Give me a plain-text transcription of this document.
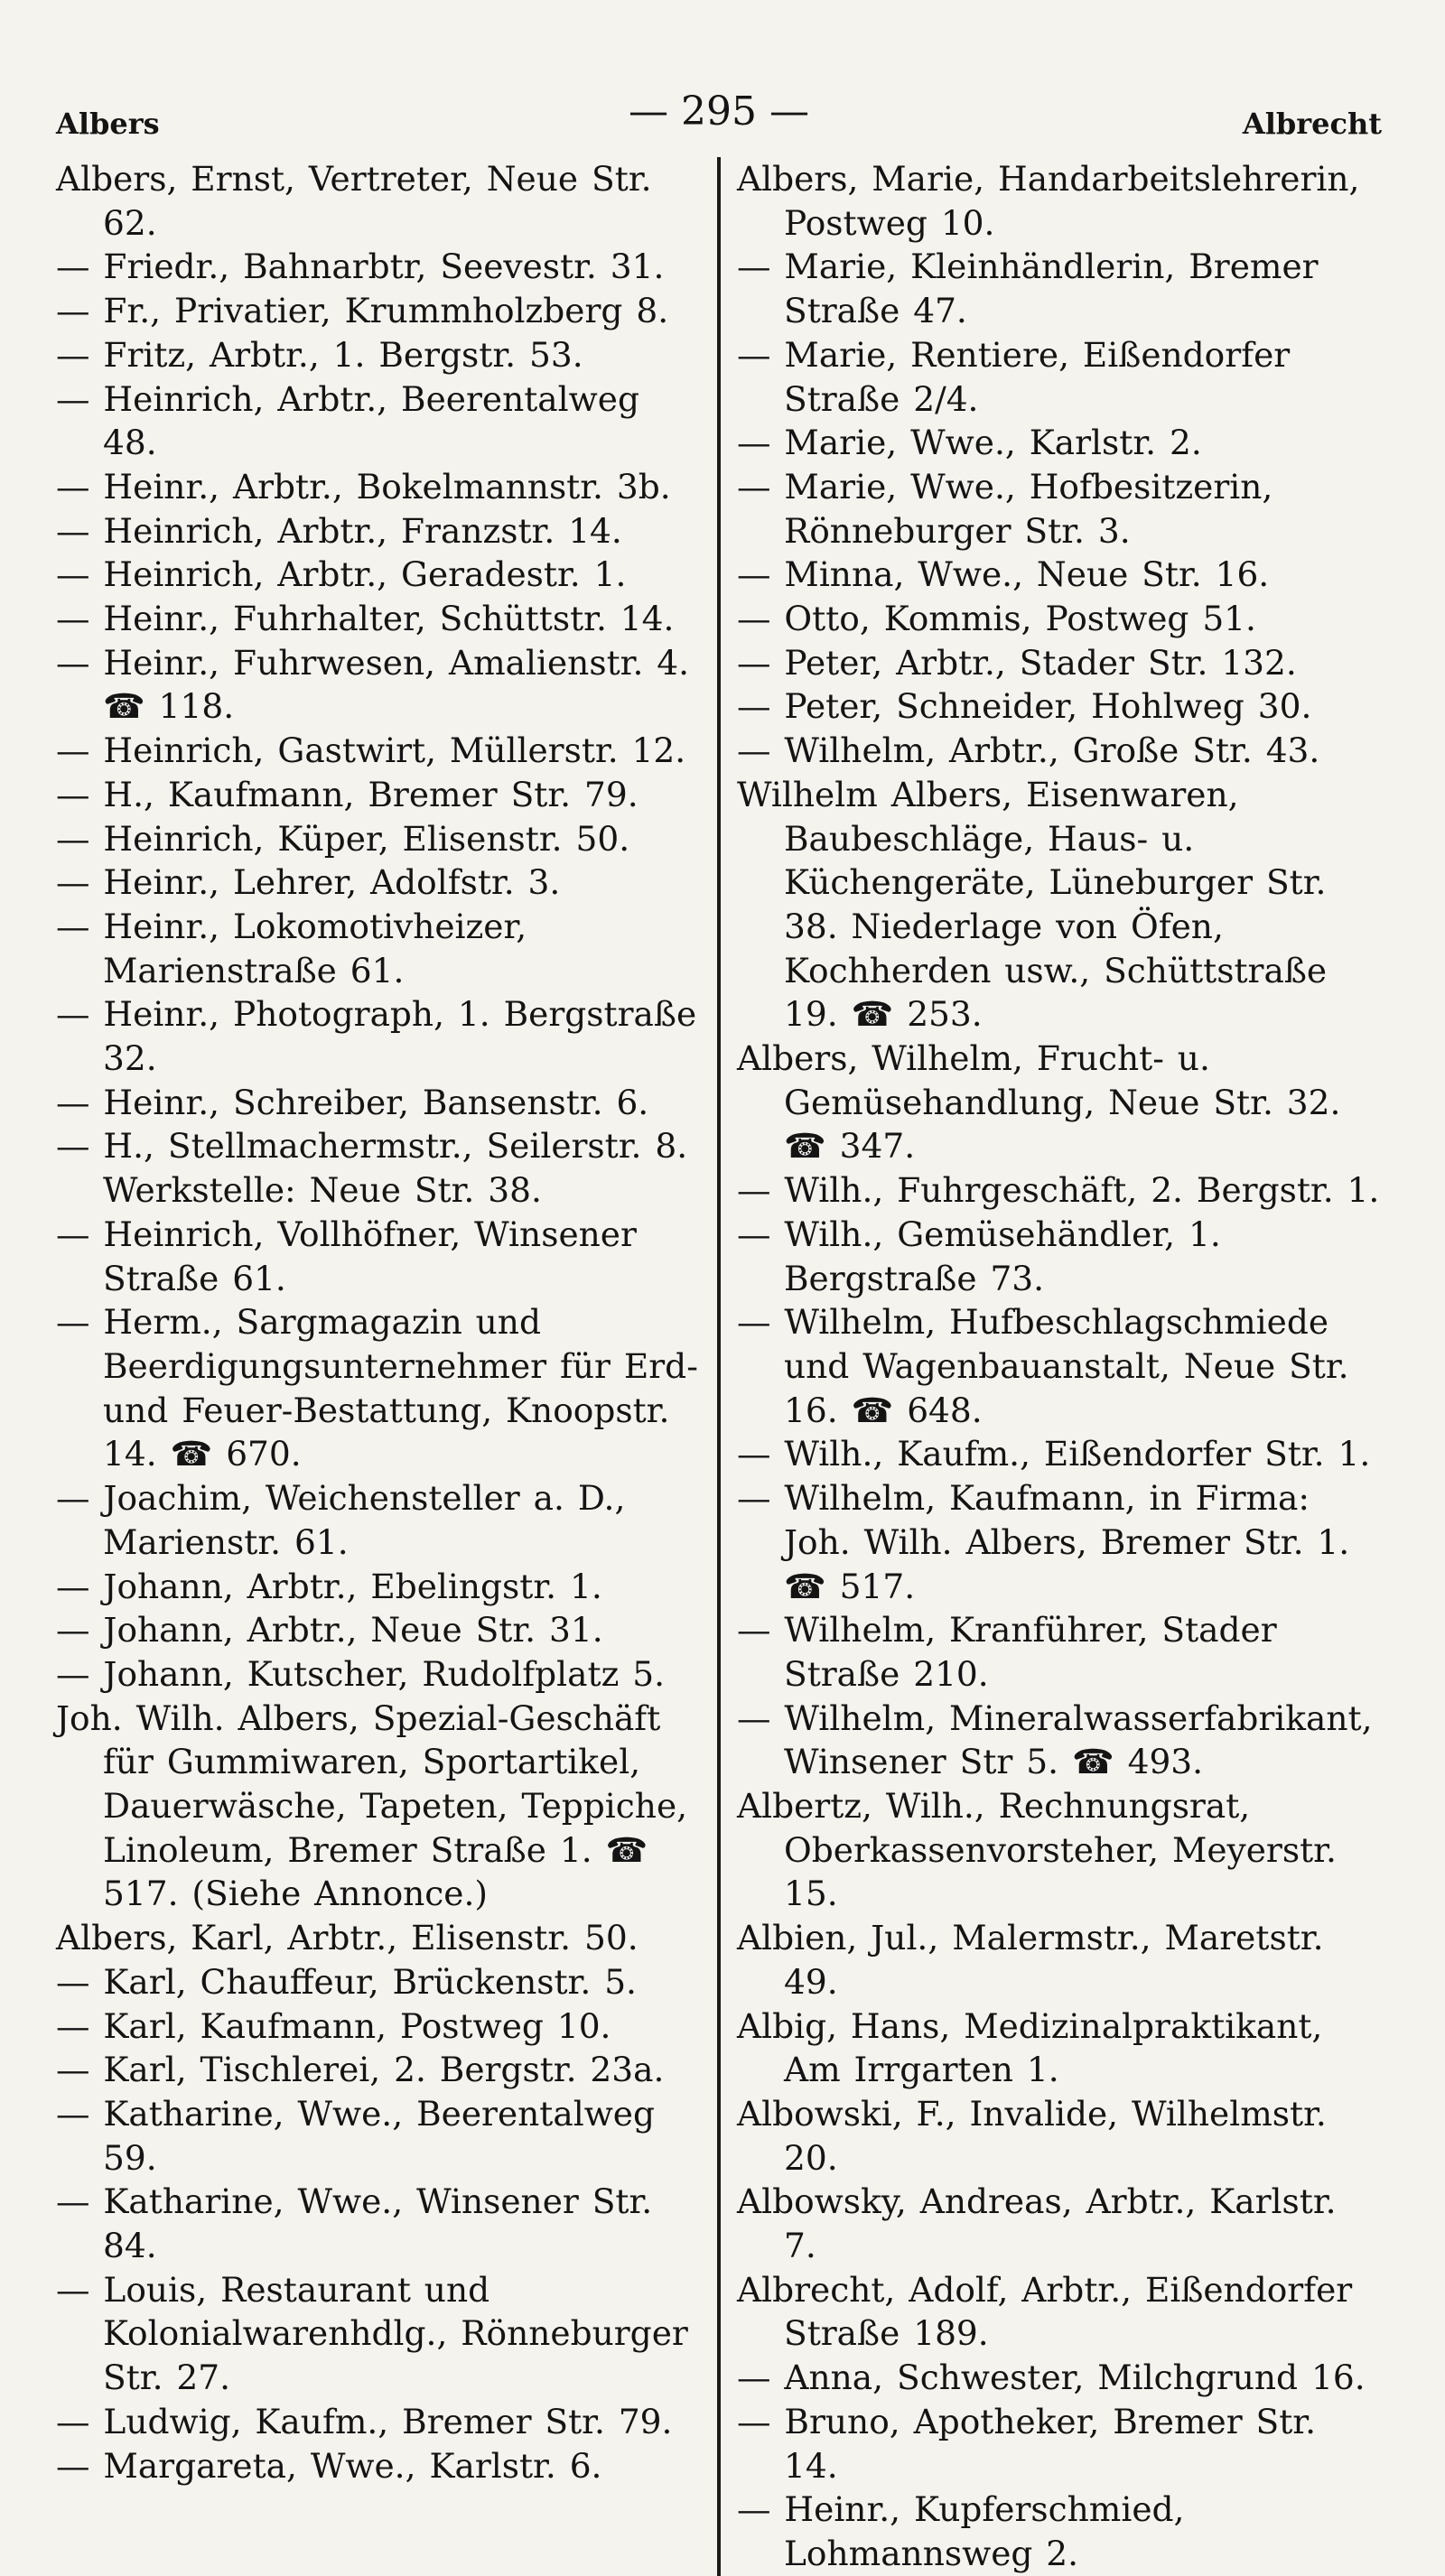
Albers	— 295 —	Albrecht
Albers, Ernst, Vertreter, Neue Str. 62.
— Friedr., Bahnarbtr, Seevestr. 31.
— Fr., Privatier, Krummholzberg 8.
— Fritz, Arbtr., 1. Bergstr. 53.
— Heinrich, Arbtr., Beerentalweg 48.
— Heinr., Arbtr., Bokelmannstr. 3b.
— Heinrich, Arbtr., Franzstr. 14.
— Heinrich, Arbtr., Geradestr. 1.
— Heinr., Fuhrhalter, Schüttstr. 14.
— Heinr., Fuhrwesen, Amalienstr. 4. ☎ 118.
— Heinrich, Gastwirt, Müllerstr. 12.
— H., Kaufmann, Bremer Str. 79.
— Heinrich, Küper, Elisenstr. 50.
— Heinr., Lehrer, Adolfstr. 3.
— Heinr., Lokomotivheizer, Marienstraße 61.
— Heinr., Photograph, 1. Bergstraße 32.
— Heinr., Schreiber, Bansenstr. 6.
— H., Stellmachermstr., Seilerstr. 8. Werkstelle: Neue Str. 38.
— Heinrich, Vollhöfner, Winsener Straße 61.
— Herm., Sargmagazin und Beerdigungsunternehmer für Erd- und Feuer-Bestattung, Knoopstr. 14. ☎ 670.
— Joachim, Weichensteller a. D., Marienstr. 61.
— Johann, Arbtr., Ebelingstr. 1.
— Johann, Arbtr., Neue Str. 31.
— Johann, Kutscher, Rudolfplatz 5.
Joh. Wilh. Albers, Spezial-Geschäft für Gummiwaren, Sportartikel, Dauerwäsche, Tapeten, Teppiche, Linoleum, Bremer Straße 1. ☎ 517. (Siehe Annonce.)
Albers, Karl, Arbtr., Elisenstr. 50.
— Karl, Chauffeur, Brückenstr. 5.
— Karl, Kaufmann, Postweg 10.
— Karl, Tischlerei, 2. Bergstr. 23a.
— Katharine, Wwe., Beerentalweg 59.
— Katharine, Wwe., Winsener Str. 84.
— Louis, Restaurant und Kolonialwarenhdlg., Rönneburger Str. 27.
— Ludwig, Kaufm., Bremer Str. 79.
— Margareta, Wwe., Karlstr. 6.
Albers, Marie, Handarbeitslehrerin, Postweg 10.
— Marie, Kleinhändlerin, Bremer Straße 47.
— Marie, Rentiere, Eißendorfer Straße 2/4.
— Marie, Wwe., Karlstr. 2.
— Marie, Wwe., Hofbesitzerin, Rönneburger Str. 3.
— Minna, Wwe., Neue Str. 16.
— Otto, Kommis, Postweg 51.
— Peter, Arbtr., Stader Str. 132.
— Peter, Schneider, Hohlweg 30.
— Wilhelm, Arbtr., Große Str. 43.
Wilhelm Albers, Eisenwaren, Baubeschläge, Haus- u. Küchengeräte, Lüneburger Str. 38. Niederlage von Öfen, Kochherden usw., Schüttstraße 19. ☎ 253.
Albers, Wilhelm, Frucht- u. Gemüsehandlung, Neue Str. 32. ☎ 347.
— Wilh., Fuhrgeschäft, 2. Bergstr. 1.
— Wilh., Gemüsehändler, 1. Bergstraße 73.
— Wilhelm, Hufbeschlagschmiede und Wagenbauanstalt, Neue Str. 16. ☎ 648.
— Wilh., Kaufm., Eißendorfer Str. 1.
— Wilhelm, Kaufmann, in Firma: Joh. Wilh. Albers, Bremer Str. 1. ☎ 517.
— Wilhelm, Kranführer, Stader Straße 210.
— Wilhelm, Mineralwasserfabrikant, Winsener Str 5. ☎ 493.
Albertz, Wilh., Rechnungsrat, Oberkassenvorsteher, Meyerstr. 15.
Albien, Jul., Malermstr., Maretstr. 49.
Albig, Hans, Medizinalpraktikant, Am Irrgarten 1.
Albowski, F., Invalide, Wilhelmstr. 20.
Albowsky, Andreas, Arbtr., Karlstr. 7.
Albrecht, Adolf, Arbtr., Eißendorfer Straße 189.
— Anna, Schwester, Milchgrund 16.
— Bruno, Apotheker, Bremer Str. 14.
— Heinr., Kupferschmied, Lohmannsweg 2.
